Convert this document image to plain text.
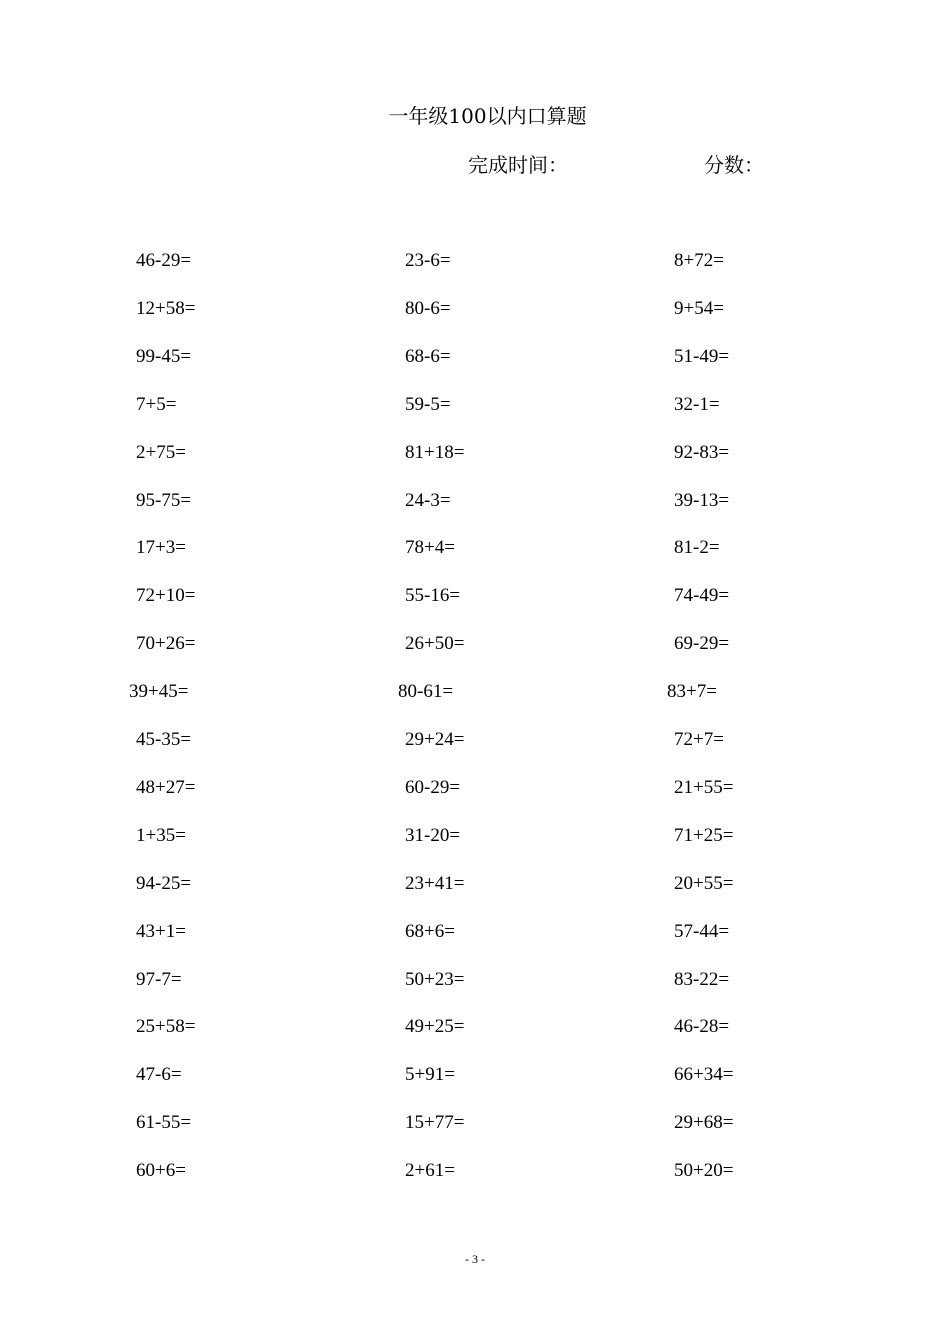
一年级100以内口算题
完成时间：	分数：
46-29=
12+58=
99-45=
7+5=
2+75=
95-75=
17+3=
72+10=
70+26=
39+45=
45-35=
48+27=
1+35=
94-25=
43+1=
97-7=
25+58=
47-6=
61-55=
60+6=
23-6=
80-6=
68-6=
59-5=
81+18=
24-3=
78+4=
55-16=
26+50=
80-61=
29+24=
60-29=
31-20=
23+41=
68+6=
50+23=
49+25=
5+91=
15+77=
2+61=
8+72=
9+54=
51-49=
32-1=
92-83=
39-13=
81-2=
74-49=
69-29=
83+7=
72+7=
21+55=
71+25=
20+55=
57-44=
83-22=
46-28=
66+34=
29+68=
50+20=
- 3 -
